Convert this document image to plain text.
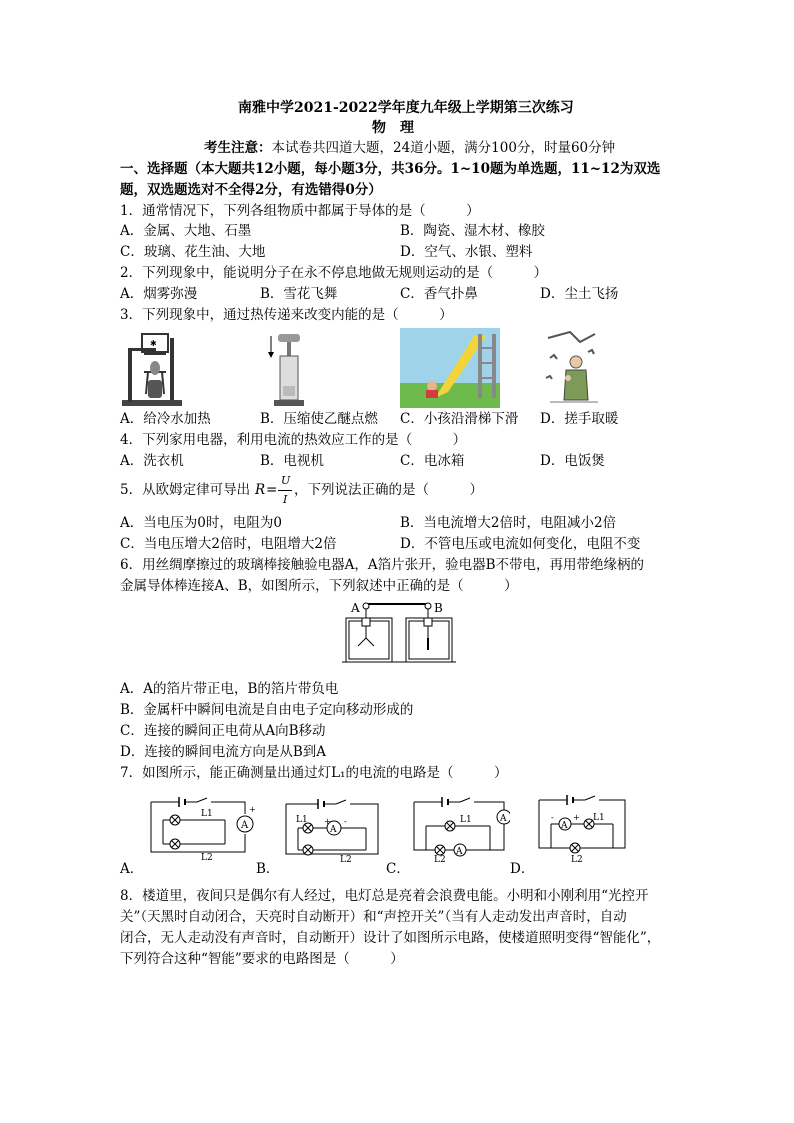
南雅中学2021-2022学年度九年级上学期第三次练习
物　理
考生注意：本试卷共四道大题，24道小题，满分100分，时量60分钟
一、选择题（本大题共12小题，每小题3分，共36分。1~10题为单选题，11~12为双选
题，双选题选对不全得2分，有选错得0分）
1．通常情况下，下列各组物质中都属于导体的是（　　　）
A．金属、大地、石墨	B．陶瓷、湿木材、橡胶
C．玻璃、花生油、大地	D．空气、水银、塑料
2．下列现象中，能说明分子在永不停息地做无规则运动的是（　　　）
A．烟雾弥漫	B．雪花飞舞	C．香气扑鼻	D．尘土飞扬
3．下列现象中，通过热传递来改变内能的是（　　　）
✱
A．给冷水加热	B．压缩使乙醚点燃 C．小孩沿滑梯下滑 D．搓手取暖
4．下列家用电器，利用电流的热效应工作的是（　　　）
A．洗衣机	B．电视机	C．电冰箱	D．电饭煲
5．从欧姆定律可导出 R =
U
I
，下列说法正确的是（　　　）
A．当电压为0时，电阻为0	B．当电流增大2倍时，电阻减小2倍
C．当电压增大2倍时，电阻增大2倍	D．不管电压或电流如何变化，电阻不变
6．用丝绸摩擦过的玻璃棒接触验电器A，A箔片张开，验电器B不带电，再用带绝缘柄的
金属导体棒连接A、B，如图所示，下列叙述中正确的是（　　　）
A	B
A．A的箔片带正电，B的箔片带负电
B．金属杆中瞬间电流是自由电子定向移动形成的
C．连接的瞬间正电荷从A向B移动
D．连接的瞬间电流方向是从B到A
7．如图所示，能正确测量出通过灯L₁的电流的电路是（　　　）
A
+
L1
L2
A
+ -
L1
L2
A
A
L1
L2
A
- + L1
L2
A．	B．	C．	D．
8．楼道里，夜间只是偶尔有人经过，电灯总是亮着会浪费电能。小明和小刚利用“光控开
关”（天黑时自动闭合，天亮时自动断开）和“声控开关”（当有人走动发出声音时，自动
闭合，无人走动没有声音时，自动断开）设计了如图所示电路，使楼道照明变得“智能化”，
下列符合这种“智能”要求的电路图是（　　　）
